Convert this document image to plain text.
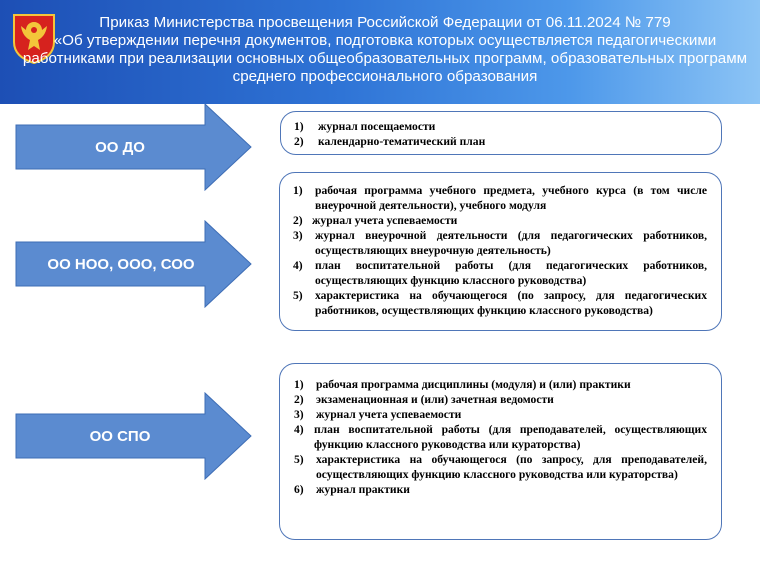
Приказ Министерства просвещения Российской Федерации от 06.11.2024 № 779
«Об утверждении перечня документов, подготовка которых осуществляется педагогическими
работниками при реализации основных общеобразовательных программ, образовательных программ
среднего профессионального образования
ОО ДО
ОО НОО, ООО, СОО
ОО СПО
1)	журнал посещаемости
2)	календарно-тематический план
1)	рабочая программа учебного предмета, учебного курса (в том числе внеурочной деятельности), учебного модуля
2) журнал учета успеваемости
3)	журнал внеурочной деятельности (для педагогических работников, осуществляющих внеурочную деятельность)
4)	план воспитательной работы (для педагогических работников, осуществляющих функцию классного руководства)
5)	характеристика на обучающегося (по запросу, для педагогических работников, осуществляющих функцию классного руководства)
1)	рабочая программа дисциплины (модуля) и (или) практики
2)	экзаменационная и (или) зачетная ведомости
3)	журнал учета успеваемости
4) план воспитательной работы (для преподавателей, осуществляющих функцию классного руководства или кураторства)
5)	характеристика на обучающегося (по запросу, для преподавателей, осуществляющих функцию классного руководства или кураторства)
6)	журнал практики
